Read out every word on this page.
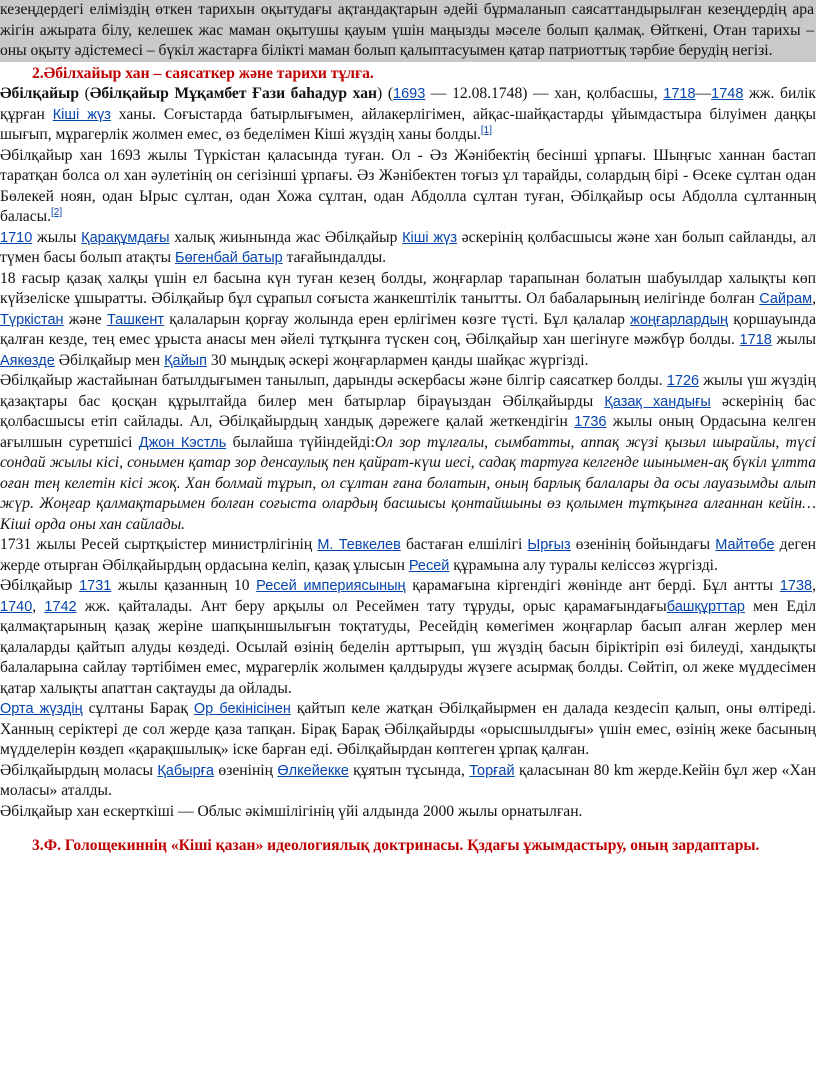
кезеңдердегі еліміздің өткен тарихын оқытудағы ақтандақтарын әдейі бұрмаланып саясаттандырылған кезеңдердің ара жігін ажырата білу, келешек жас маман оқытушы қауым үшін маңызды мәселе болып қалмақ. Өйткені, Отан тарихы – оны оқыту әдістемесі – бүкіл жастарға білікті маман болып қалыптасуымен қатар патриоттық тәрбие берудің негізі.

2.Әбілхайыр хан – саясаткер және тарихи тұлға.

Әбілқайыр (Әбілқайыр Мұқамбет Ғази баһадур хан) (1693 — 12.08.1748) — хан, қолбасшы, 1718—1748 жж. билік құрған Кіші жүз ханы. Соғыстарда батырлығымен, айлакерлігімен, айқас-шайқастарды ұйымдастыра білуімен даңқы шығып, мұрагерлік жолмен емес, өз беделімен Кіші жүздің ханы болды.[1]

Әбілқайыр хан 1693 жылы Түркістан қаласында туған. Ол - Әз Жәнібектің бесінші ұрпағы. Шыңғыс ханнан бастап таратқан болса ол хан әулетінің он сегізінші ұрпағы. Әз Жәнібектен тоғыз ұл тарайды, солардың бірі - Өсеке сұлтан одан Бөлекей ноян, одан Ырыс сұлтан, одан Хожа сұлтан, одан Абдолла сұлтан туған, Әбілқайыр осы Абдолла сұлтанның баласы.[2]

1710 жылы Қарақұмдағы халық жиынында жас Әбілқайыр Кіші жүз әскерінің қолбасшысы және хан болып сайланды, ал түмен басы болып атақты Бөгенбай батыр тағайындалды.

18 ғасыр қазақ халқы үшін ел басына күн туған кезең болды, жоңғарлар тарапынан болатын шабуылдар халықты көп күйзеліске ұшыратты. Әбілқайыр бұл сұрапыл соғыста жанкештілік танытты. Ол бабаларының иелігінде болған Сайрам, Түркістан және Ташкент қалаларын қорғау жолында ерен ерлігімен көзге түсті. Бұл қалалар жоңғарлардың қоршауында қалған кезде, тең емес ұрыста анасы мен әйелі тұтқынға түскен соң, Әбілқайыр хан шегінуге мәжбүр болды. 1718 жылы Аякөзде Әбілқайыр мен Қайып 30 мыңдық әскері жоңғарлармен қанды шайқас жүргізді.

Әбілқайыр жастайынан батылдығымен танылып, дарынды әскербасы және білгір саясаткер болды. 1726 жылы үш жүздің қазақтары бас қосқан құрылтайда билер мен батырлар біраүыздан Әбілқайырды Қазақ хандығы әскерінің бас қолбасшысы етіп сайлады. Ал, Әбілқайырдың хандық дәрежеге қалай жеткендігін 1736 жылы оның Ордасына келген ағылшын суретшісі Джон Кэстль былайша түйіндейді:Ол зор тұлғалы, сымбатты, аппақ жүзі қызыл шырайлы, түсі сондай жылы кісі, сонымен қатар зор денсаулық пен қайрат-күш иесі, садақ тартуға келгенде шынымен-ақ бүкіл ұлтта оған тең келетін кісі жоқ. Хан болмай тұрып, ол сұлтан ғана болатын, оның барлық балалары да осы лауазымды алып жүр. Жоңғар қалмақтарымен болған соғыста олардың басшысы қонтайшыны өз қолымен тұтқынға алғаннан кейін… Кіші орда оны хан сайлады.

1731 жылы Ресей сыртқыістер министрлігінің М. Тевкелев бастаған елшілігі Ырғыз өзенінің бойындағы Майтөбе деген жерде отырған Әбілқайырдың ордасына келіп, қазақ ұлысын Ресей құрамына алу туралы келіссөз жүргізді.

Әбілқайыр 1731 жылы қазанның 10 Ресей империясының қарамағына кіргендігі жөнінде ант берді. Бұл антты 1738, 1740, 1742 жж. қайталады. Ант беру арқылы ол Ресеймен тату тұруды, орыс қарамағындағыбашқұрттар мен Еділ қалмақтарының қазақ жеріне шапқыншылығын тоқтатуды, Ресейдің көмегімен жоңғарлар басып алған жерлер мен қалаларды қайтып алуды көздеді. Осылай өзінің беделін арттырып, үш жүздің басын біріктіріп өзі билеуді, хандықты балаларына сайлау тәртібімен емес, мұрагерлік жолымен қалдыруды жүзеге асырмақ болды. Сөйтіп, ол жеке мүддесімен қатар халықты апаттан сақтауды да ойлады.

Орта жүздің сұлтаны Барақ Ор бекінісінен қайтып келе жатқан Әбілқайырмен ен далада кездесіп қалып, оны өлтіреді. Ханның серіктері де сол жерде қаза тапқан. Бірақ Барақ Әбілқайырды «орысшылдығы» үшін емес, өзінің жеке басының мүдделерін көздеп «қарақшылық» іске барған еді. Әбілқайырдан көптеген ұрпақ қалған.

Әбілқайырдың моласы Қабырға өзенінің Өлкейекке құятын тұсында, Торғай қаласынан 80 km жерде.Кейін бұл жер «Хан моласы» аталды.

Әбілқайыр хан ескерткіші — Облыс әкімшілігінің үйі алдында 2000 жылы орнатылған.

3.Ф. Голощекиннің «Кіші қазан» идеологиялық доктринасы. Қздағы ұжымдастыру, оның зардаптары.
